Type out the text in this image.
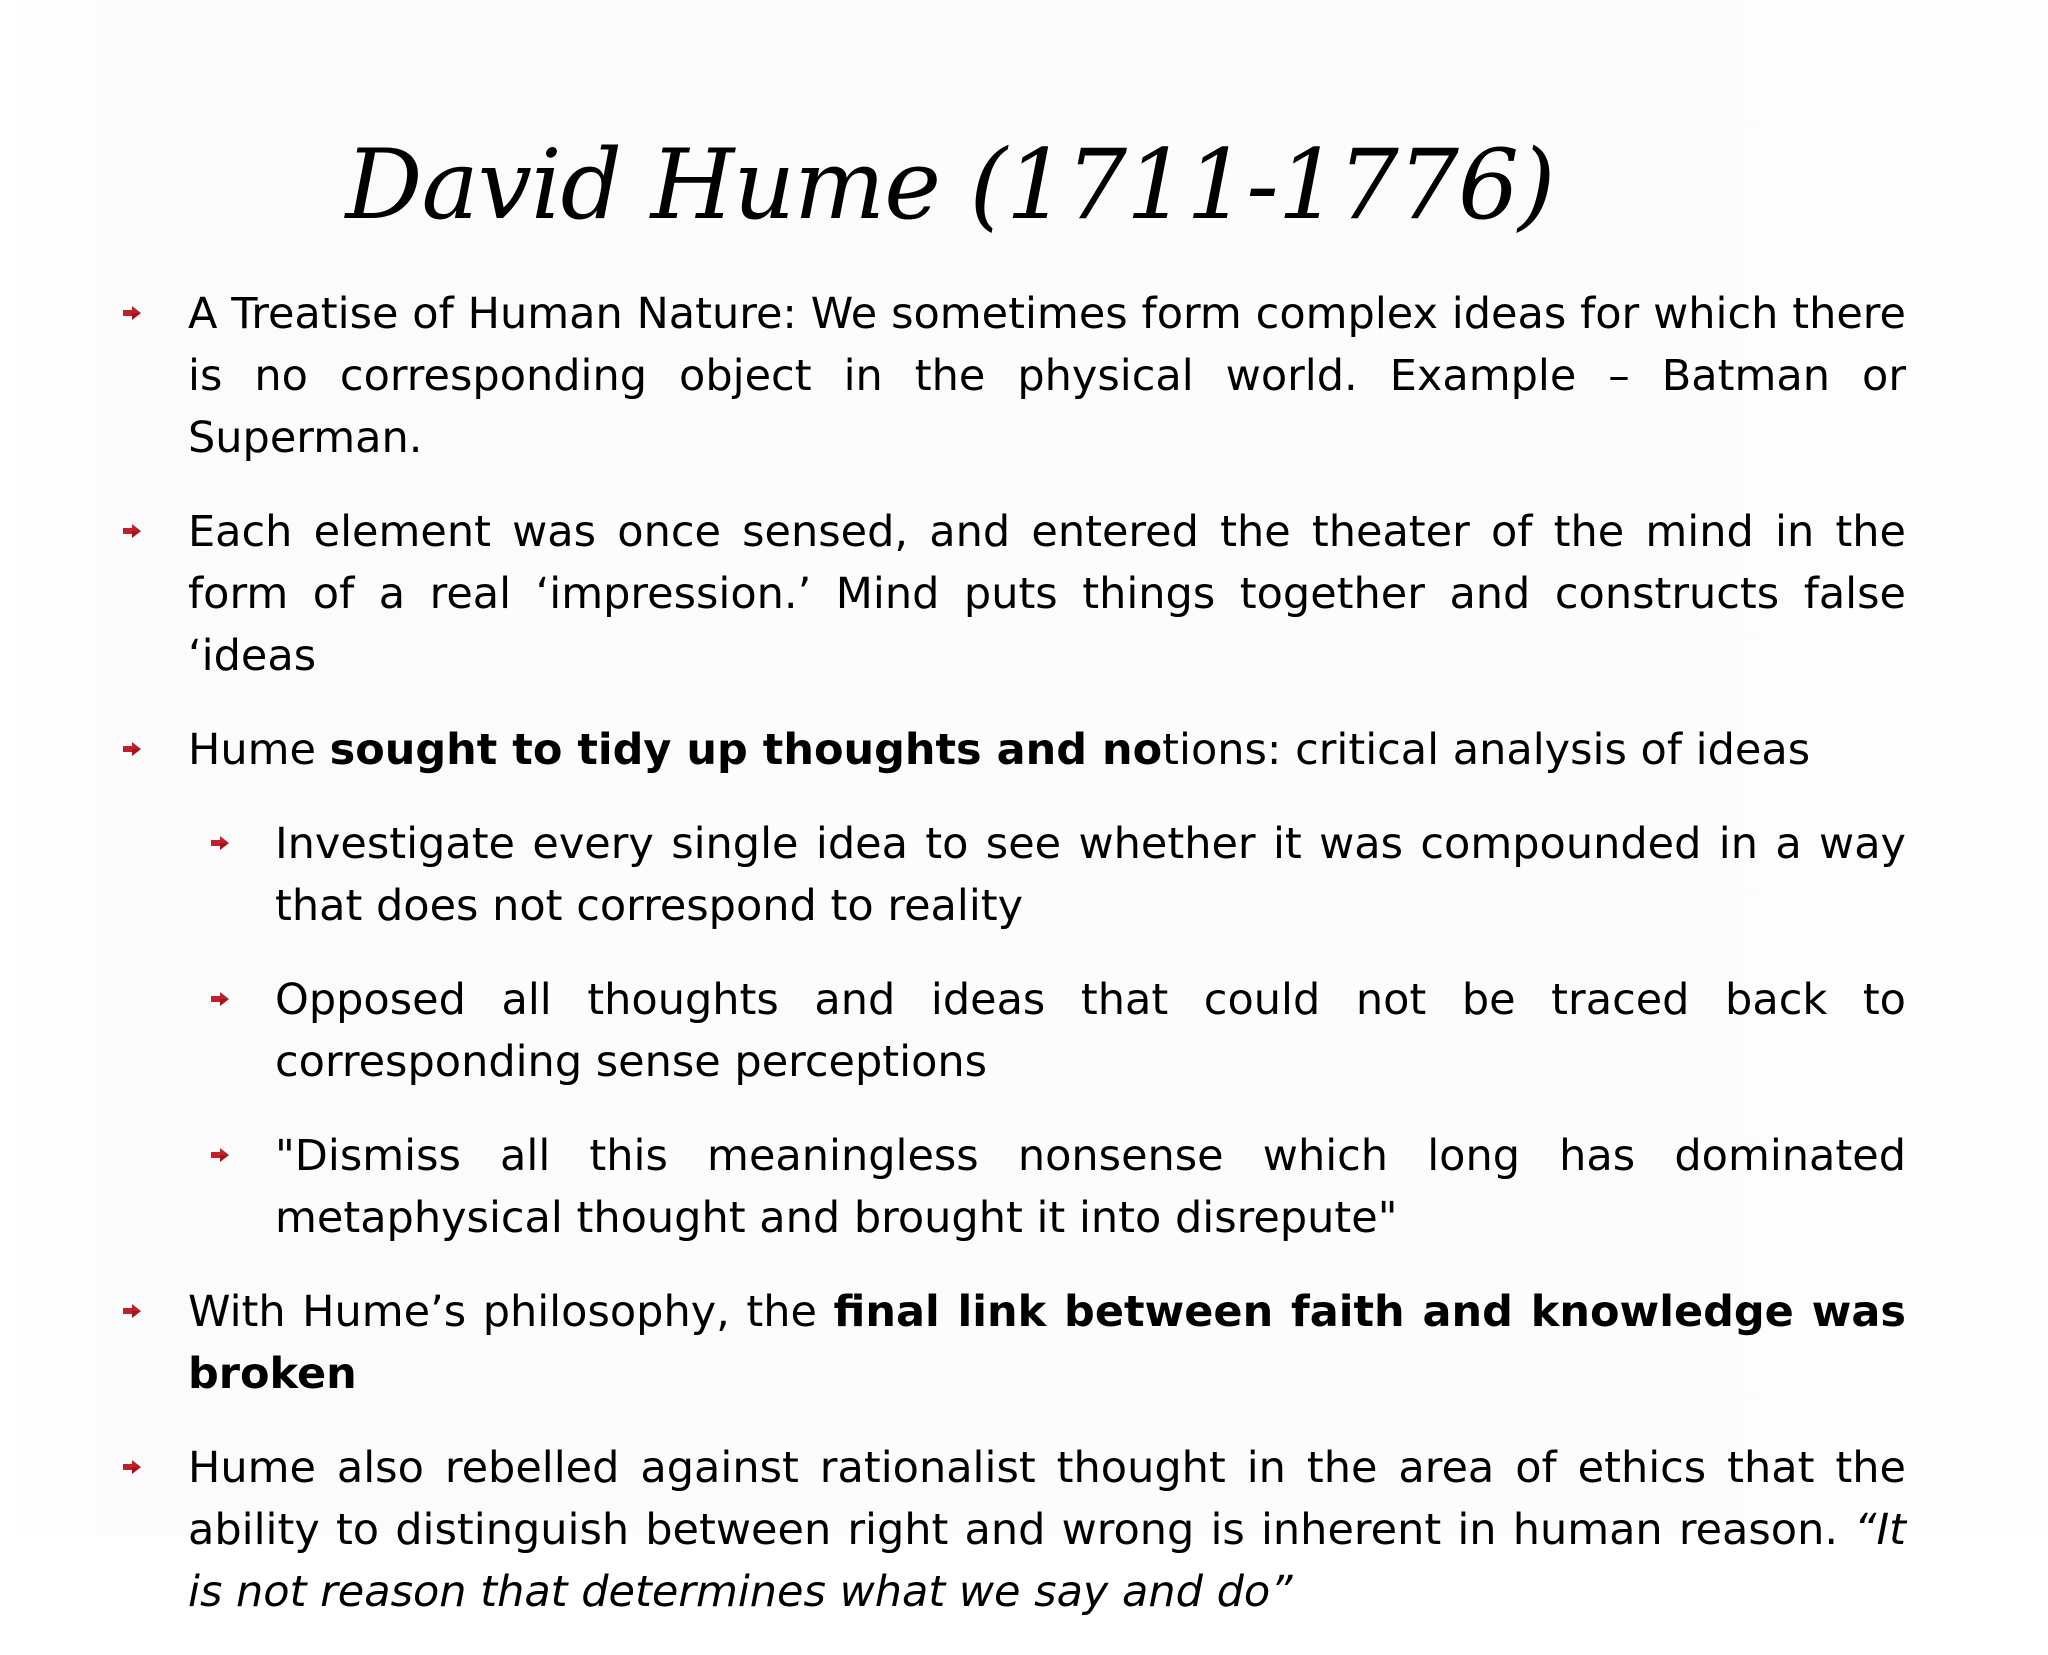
David Hume (1711-1776)
A Treatise of Human Nature: We sometimes form complex ideas for which there is no corresponding object in the physical world. Example – Batman or Superman.
Each element was once sensed, and entered the theater of the mind in the form of a real ‘impression.’ Mind puts things together and constructs false ‘ideas
Hume sought to tidy up thoughts and notions: critical analysis of ideas
Investigate every single idea to see whether it was compounded in a way that does not correspond to reality
Opposed all thoughts and ideas that could not be traced back to corresponding sense perceptions
"Dismiss all this meaningless nonsense which long has dominated metaphysical thought and brought it into disrepute"
With Hume’s philosophy, the final link between faith and knowledge was broken
Hume also rebelled against rationalist thought in the area of ethics that the ability to distinguish between right and wrong is inherent in human reason. “It is not reason that determines what we say and do”
